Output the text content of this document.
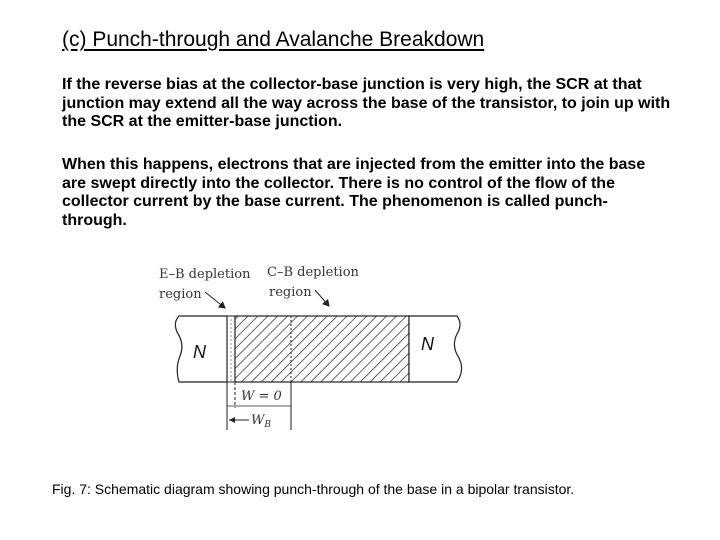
(c) Punch-through and Avalanche Breakdown

If the reverse bias at the collector-base junction is very high, the SCR at that junction may extend all the way across the base of the transistor, to join up with the SCR at the emitter-base junction.

When this happens, electrons that are injected from the emitter into the base are swept directly into the collector. There is no control of the flow of the collector current by the base current. The phenomenon is called punch-through.

E–B depletion
region
C–B depletion
region
N	N
W = 0
$W_B$

Fig. 7: Schematic diagram showing punch-through of the base in a bipolar transistor.
